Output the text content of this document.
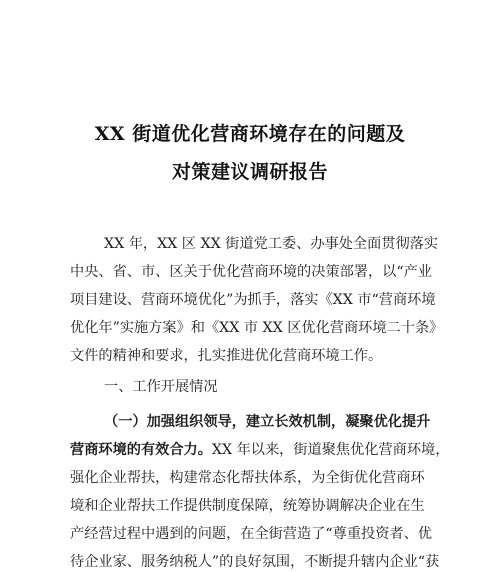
XX 街道优化营商环境存在的问题及
对策建议调研报告
XX 年，XX 区 XX 街道党工委、办事处全面贯彻落实
中央、省、市、区关于优化营商环境的决策部署，以“产业
项目建设、营商环境优化”为抓手，落实《XX 市“营商环境
优化年”实施方案》和《XX 市 XX 区优化营商环境二十条》
文件的精神和要求，扎实推进优化营商环境工作。
一、工作开展情况
（一）加强组织领导，建立长效机制，凝聚优化提升
营商环境的有效合力。XX 年以来，街道聚焦优化营商环境，
强化企业帮扶，构建常态化帮扶体系，为全街优化营商环
境和企业帮扶工作提供制度保障，统筹协调解决企业在生
产经营过程中遇到的问题，在全街营造了“尊重投资者、优
待企业家、服务纳税人”的良好氛围，不断提升辖内企业“获
